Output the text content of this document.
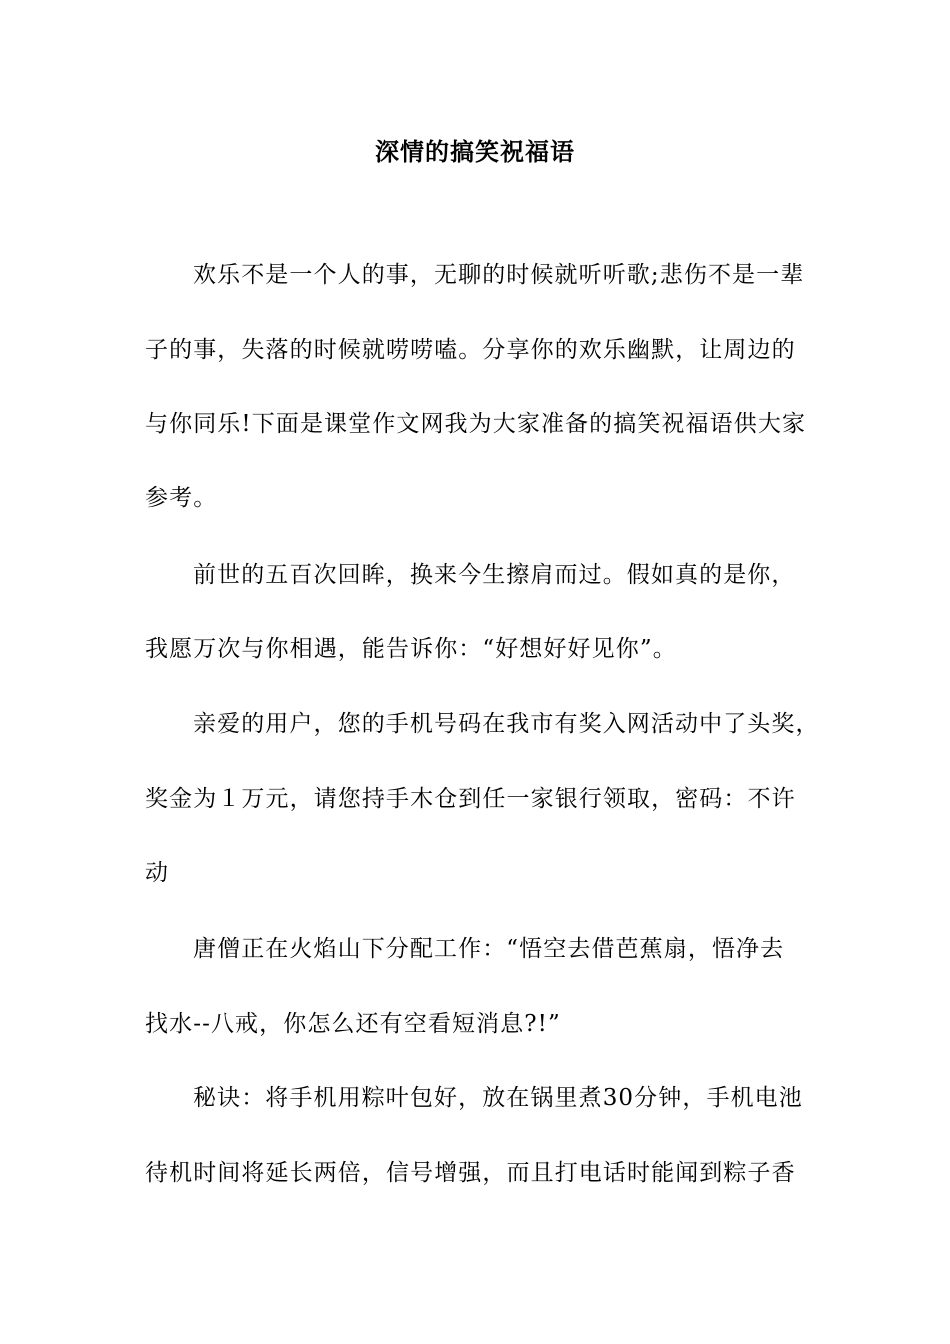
深情的搞笑祝福语
欢乐不是一个人的事，无聊的时候就听听歌;悲伤不是一辈
子的事，失落的时候就唠唠嗑。分享你的欢乐幽默，让周边的
与你同乐!下面是课堂作文网我为大家准备的搞笑祝福语供大家
参考。
前世的五百次回眸，换来今生擦肩而过。假如真的是你，
我愿万次与你相遇，能告诉你：“好想好好见你”。
亲爱的用户，您的手机号码在我市有奖入网活动中了头奖，
奖金为１万元，请您持手木仓到任一家银行领取，密码：不许
动
唐僧正在火焰山下分配工作：“悟空去借芭蕉扇，悟净去
找水--八戒，你怎么还有空看短消息?!”
秘诀：将手机用粽叶包好，放在锅里煮30分钟，手机电池
待机时间将延长两倍，信号增强，而且打电话时能闻到粽子香
